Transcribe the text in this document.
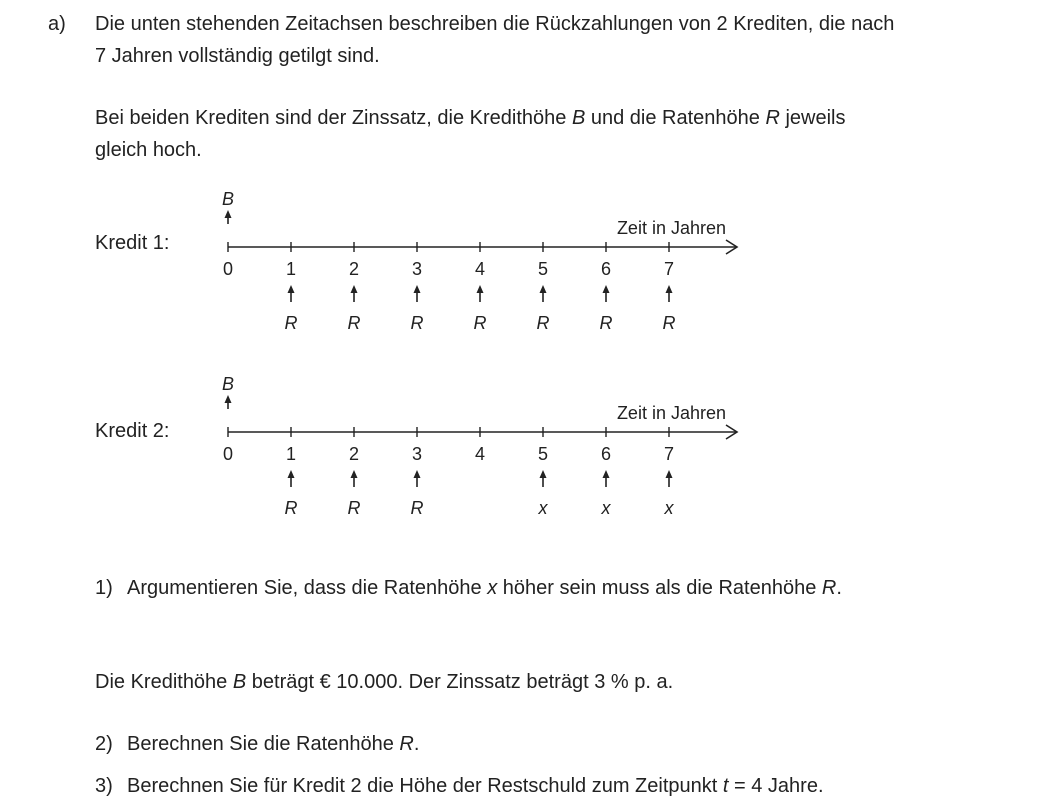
a) Die unten stehenden Zeitachsen beschreiben die Rückzahlungen von 2 Krediten, die nach
7 Jahren vollständig getilgt sind.
Bei beiden Krediten sind der Zinssatz, die Kredithöhe B und die Ratenhöhe R jeweils
gleich hoch.
Kredit 1:
Kredit 2:
Zeit in Jahren
B
0	1
R
2
R
3
R
4
R
5
R
6
R
7
R
Zeit in Jahren
B
0	1
R
2
R
3
R
4	5
x
6
x
7
x
1) Argumentieren Sie, dass die Ratenhöhe x höher sein muss als die Ratenhöhe R.
Die Kredithöhe B beträgt € 10.000. Der Zinssatz beträgt 3 % p. a.
2) Berechnen Sie die Ratenhöhe R.
3) Berechnen Sie für Kredit 2 die Höhe der Restschuld zum Zeitpunkt t = 4 Jahre.
